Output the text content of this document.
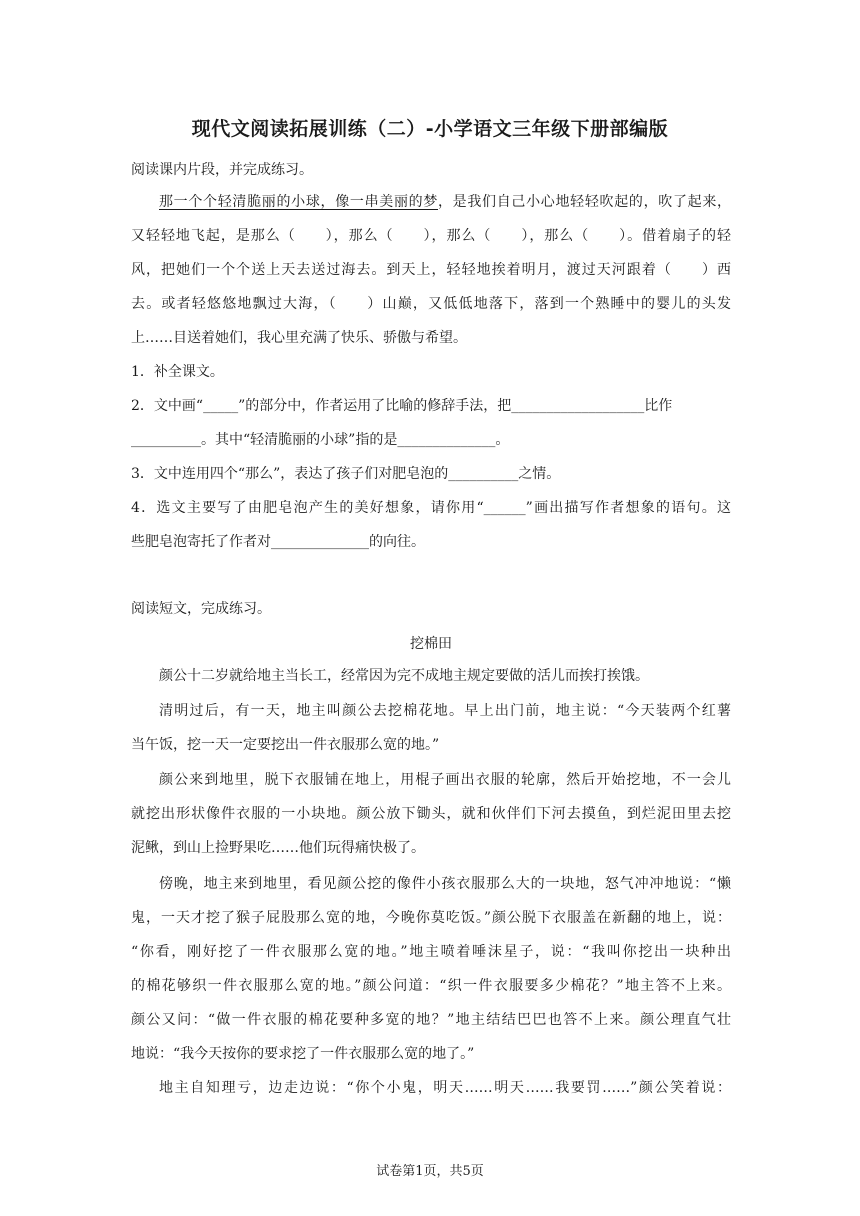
现代文阅读拓展训练（二）-小学语文三年级下册部编版
阅读课内片段，并完成练习。
那一个个轻清脆丽的小球，像一串美丽的梦，是我们自己小心地轻轻吹起的，吹了起来，
又轻轻地飞起，是那么（　　），那么（　　），那么（　　），那么（　　）。借着扇子的轻
风，把她们一个个送上天去送过海去。到天上，轻轻地挨着明月，渡过天河跟着（　　）西
去。或者轻悠悠地飘过大海，（　　）山巅，又低低地落下，落到一个熟睡中的婴儿的头发
上……目送着她们，我心里充满了快乐、骄傲与希望。
1．补全课文。
2．文中画“_____”的部分中，作者运用了比喻的修辞手法，把___________________比作
__________。其中“轻清脆丽的小球”指的是______________。
3．文中连用四个“那么”，表达了孩子们对肥皂泡的__________之情。
4．选文主要写了由肥皂泡产生的美好想象，请你用“______”画出描写作者想象的语句。这
些肥皂泡寄托了作者对______________的向往。
阅读短文，完成练习。
挖棉田
颜公十二岁就给地主当长工，经常因为完不成地主规定要做的活儿而挨打挨饿。
清明过后，有一天，地主叫颜公去挖棉花地。早上出门前，地主说：“今天装两个红薯
当午饭，挖一天一定要挖出一件衣服那么宽的地。”
颜公来到地里，脱下衣服铺在地上，用棍子画出衣服的轮廓，然后开始挖地，不一会儿
就挖出形状像件衣服的一小块地。颜公放下锄头，就和伙伴们下河去摸鱼，到烂泥田里去挖
泥鳅，到山上捡野果吃……他们玩得痛快极了。
傍晚，地主来到地里，看见颜公挖的像件小孩衣服那么大的一块地，怒气冲冲地说：“懒
鬼，一天才挖了猴子屁股那么宽的地，今晚你莫吃饭。”颜公脱下衣服盖在新翻的地上，说：
“你看，刚好挖了一件衣服那么宽的地。”地主喷着唾沫星子，说：“我叫你挖出一块种出
的棉花够织一件衣服那么宽的地。”颜公问道：“织一件衣服要多少棉花？”地主答不上来。
颜公又问：“做一件衣服的棉花要种多宽的地？”地主结结巴巴也答不上来。颜公理直气壮
地说：“我今天按你的要求挖了一件衣服那么宽的地了。”
地主自知理亏，边走边说：“你个小鬼，明天……明天……我要罚……”颜公笑着说：
试卷第1页，共5页
